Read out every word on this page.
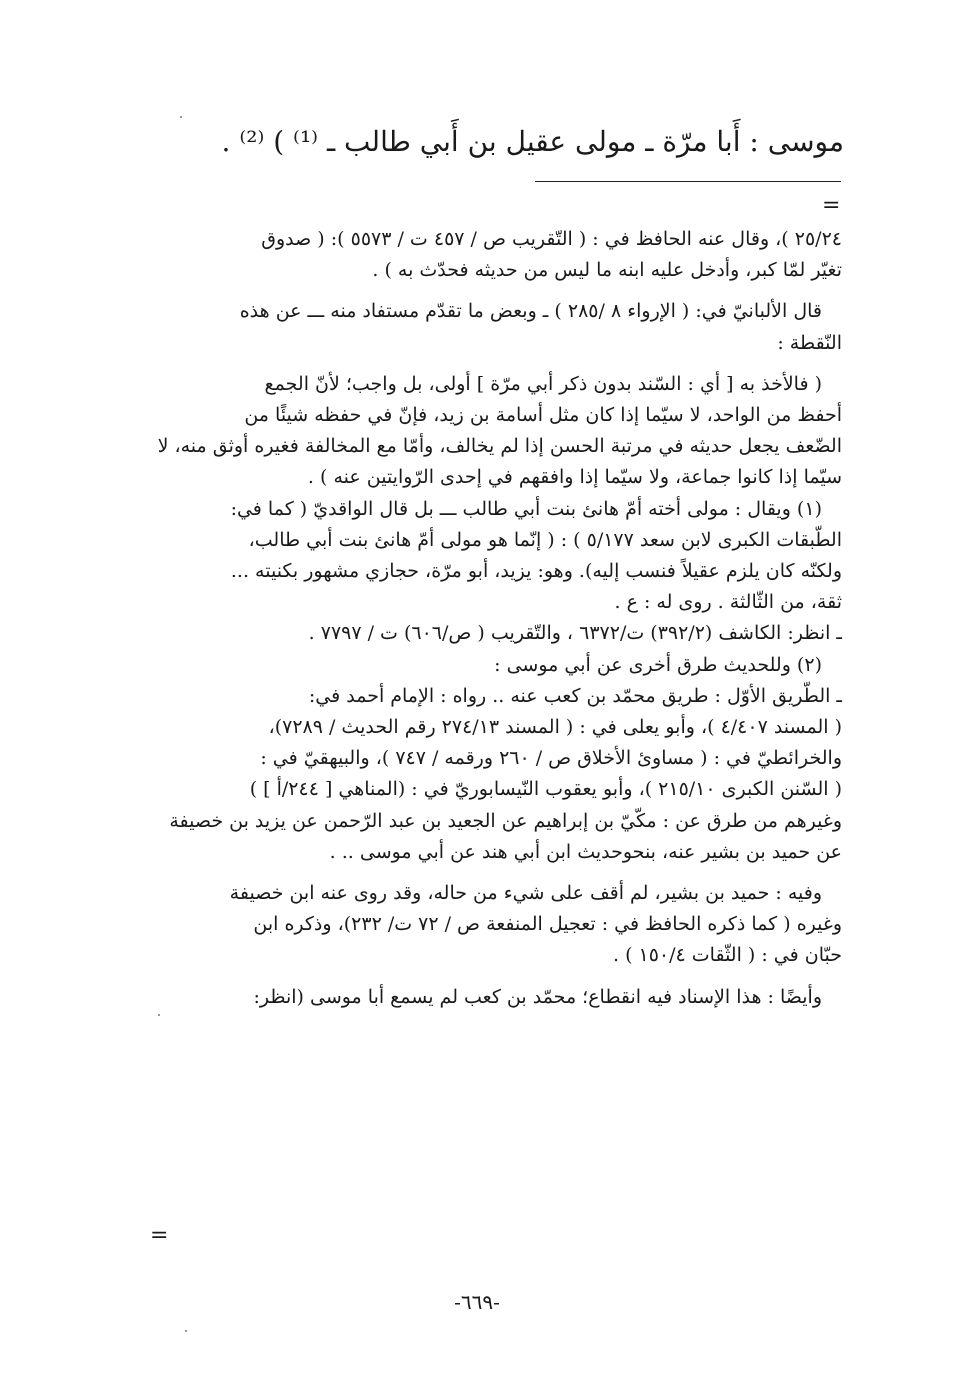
موسى : أَبا مرّة ـ مولى عقيل بن أَبي طالب ـ ⁽¹⁾ ) ⁽²⁾ .
=

٢٥/٢٤ )، وقال عنه الحافظ في : ( التّقريب ص / ٤٥٧ ت / ٥٥٧٣ ): ( صدوق

تغيّر لمّا كبر، وأدخل عليه ابنه ما ليس من حديثه فحدّث به ) .

قال الألبانيّ في: ( الإرواء ٨ /٢٨٥ ) ـ وبعض ما تقدّم مستفاد منه ـــ عن هذه

النّقطة :

( فالأخذ به [ أي : السّند بدون ذكر أبي مرّة ] أولى، بل واجب؛ لأنّ الجمع

أحفظ من الواحد، لا سيّما إذا كان مثل أسامة بن زيد، فإنّ في حفظه شيئًا من

الضّعف يجعل حديثه في مرتبة الحسن إذا لم يخالف، وأمّا مع المخالفة فغيره أوثق منه، لا

سيّما إذا كانوا جماعة، ولا سيّما إذا وافقهم في إحدى الرّوايتين عنه ) .

(١) ويقال : مولى أخته أمّ هانئ بنت أبي طالب ـــ بل قال الواقديّ ( كما في:

الطّبقات الكبرى لابن سعد ٥/١٧٧ ) : ( إنّما هو مولى أمّ هانئ بنت أبي طالب،

ولكنّه كان يلزم عقيلاً فنسب إليه). وهو: يزيد، أبو مرّة، حجازي مشهور بكنيته ...

ثقة، من الثّالثة . روى له : ع .

ـ انظر: الكاشف (٣٩٢/٢) ت/٦٣٧٢ ، والتّقريب ( ص/٦٠٦) ت / ٧٧٩٧ .

(٢) وللحديث طرق أخرى عن أبي موسى :

ـ الطّريق الأوّل : طريق محمّد بن كعب عنه .. رواه : الإمام أحمد في:

( المسند ٤/٤٠٧ )، وأبو يعلى في : ( المسند ٢٧٤/١٣ رقم الحديث / ٧٢٨٩)،

والخرائطيّ في : ( مساوئ الأخلاق ص / ٢٦٠ ورقمه / ٧٤٧ )، والبيهقيّ في :

( السّنن الكبرى ٢١٥/١٠ )، وأبو يعقوب النّيسابوريّ في : (المناهي [ ٢٤٤/أ ] )

وغيرهم من طرق عن : مكّيّ بن إبراهيم عن الجعيد بن عبد الرّحمن عن يزيد بن خصيفة

عن حميد بن بشير عنه، بنحوحديث ابن أبي هند عن أبي موسى .. .

وفيه : حميد بن بشير، لم أقف على شيء من حاله، وقد روى عنه ابن خصيفة

وغيره ( كما ذكره الحافظ في : تعجيل المنفعة ص / ٧٢ ت/ ٢٣٢)، وذكره ابن

حبّان في : ( الثّقات ١٥٠/٤ ) .

وأيضًا : هذا الإسناد فيه انقطاع؛ محمّد بن كعب لم يسمع أبا موسى (انظر:

=
-٦٦٩-
